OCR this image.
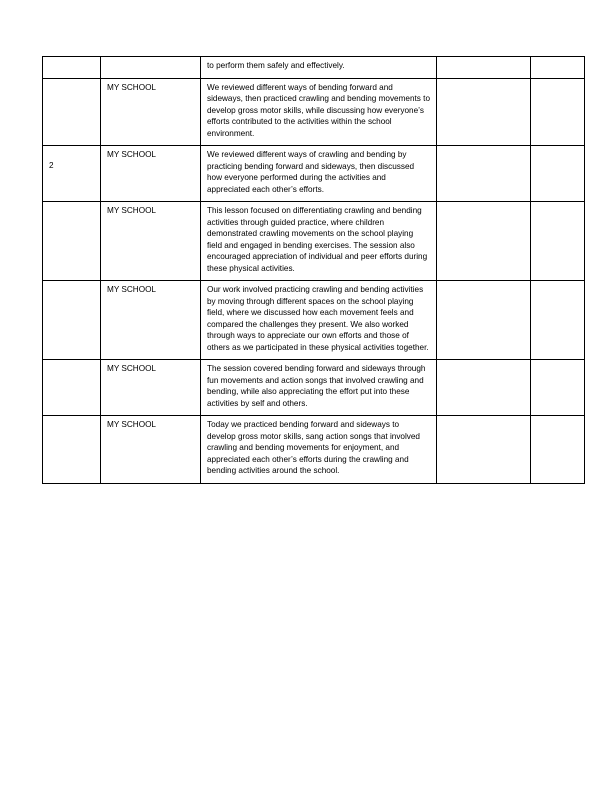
		to perform them safely and effectively.		

	MY SCHOOL	We reviewed different ways of bending forward and sideways, then practiced crawling and bending movements to develop gross motor skills, while discussing how everyone’s efforts contributed to the activities within the school environment.		

2	MY SCHOOL	We reviewed different ways of crawling and bending by practicing bending forward and sideways, then discussed how everyone performed during the activities and appreciated each other’s efforts.		

	MY SCHOOL	This lesson focused on differentiating crawling and bending activities through guided practice, where children demonstrated crawling movements on the school playing field and engaged in bending exercises. The session also encouraged appreciation of individual and peer efforts during these physical activities.		

	MY SCHOOL	Our work involved practicing crawling and bending activities by moving through different spaces on the school playing field, where we discussed how each movement feels and compared the challenges they present. We also worked through ways to appreciate our own efforts and those of others as we participated in these physical activities together.		

	MY SCHOOL	The session covered bending forward and sideways through fun movements and action songs that involved crawling and bending, while also appreciating the effort put into these activities by self and others.		

	MY SCHOOL	Today we practiced bending forward and sideways to develop gross motor skills, sang action songs that involved crawling and bending movements for enjoyment, and appreciated each other’s efforts during the crawling and bending activities around the school.		
